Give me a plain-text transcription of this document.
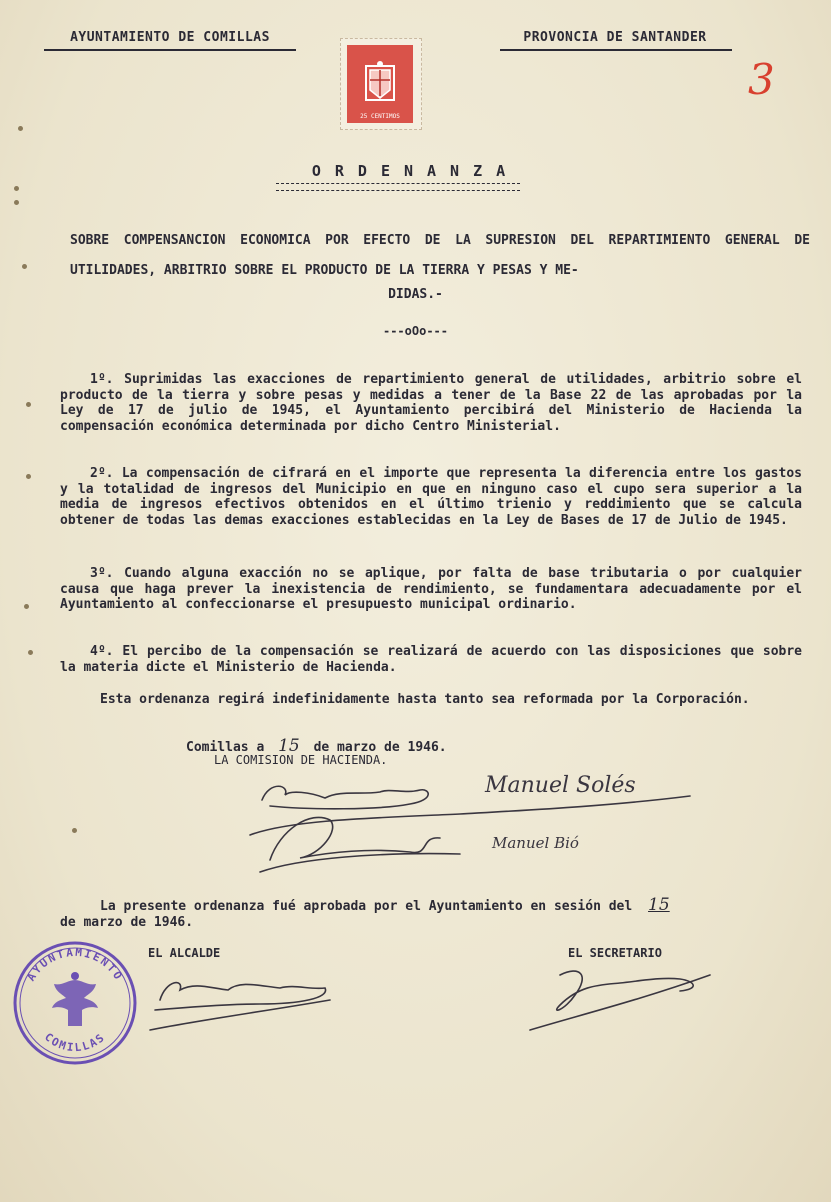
AYUNTAMIENTO DE COMILLAS	PROVONCIA DE SANTANDER
25 CENTIMOS
3
ORDENANZA
SOBRE COMPENSANCION ECONOMICA POR EFECTO DE LA SUPRESION DEL REPARTIMIENTO GENERAL DE UTILIDADES, ARBITRIO SOBRE EL PRODUCTO DE LA TIERRA Y PESAS Y ME-
DIDAS.-
---oOo---

1º. Suprimidas las exacciones de repartimiento general de utilidades, arbitrio sobre el producto de la tierra y sobre pesas y medidas a tener de la Base 22 de las aprobadas por la Ley de 17 de julio de 1945, el Ayuntamiento percibirá del Ministerio de Hacienda la compensación económica determinada por dicho Centro Ministerial.

2º. La compensación de cifrará en el importe que representa la diferencia entre los gastos y la totalidad de ingresos del Municipio en que en ninguno caso el cupo sera superior a la media de ingresos efectivos obtenidos en el último trienio y reddimiento que se calcula obtener de todas las demas exacciones establecidas en la Ley de Bases de 17 de Julio de 1945.

3º. Cuando alguna exacción no se aplique, por falta de base tributaria o por cualquier causa que haga prever la inexistencia de rendimiento, se fundamentara adecuadamente por el Ayuntamiento al confeccionarse el presupuesto municipal ordinario.

4º. El percibo de la compensación se realizará de acuerdo con las disposiciones que sobre la materia dicte el Ministerio de Hacienda.

Esta ordenanza regirá indefinidamente hasta tanto sea reformada por la Corporación.

Comillas a 15 de marzo de 1946.
LA COMISION DE HACIENDA.
Manuel Solés
Manuel Bió

La presente ordenanza fué aprobada por el Ayuntamiento en sesión del 15
de marzo de 1946.

EL ALCALDE	EL SECRETARIO
AYUNTAMIENTO
COMILLAS
